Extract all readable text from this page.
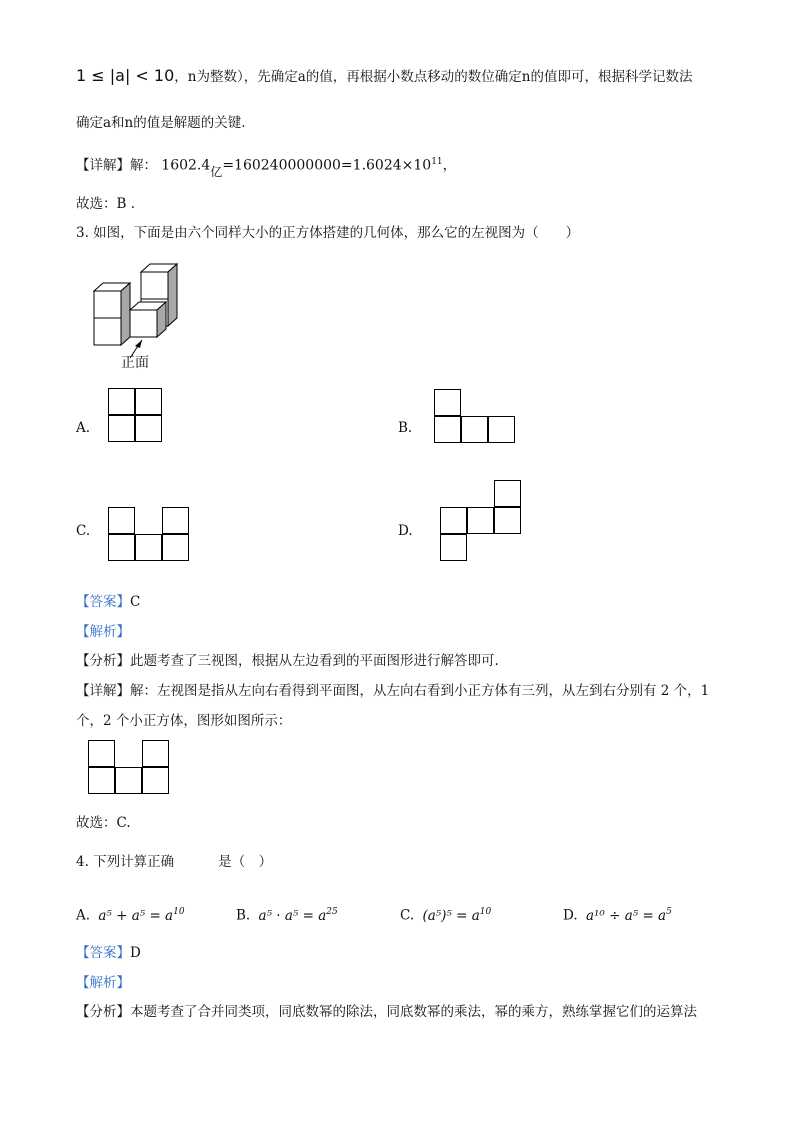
1 ≤ |a| < 10，n为整数），先确定a的值，再根据小数点移动的数位确定n的值即可，根据科学记数法
确定a和n的值是解题的关键.
【详解】解： 1602.4亿$=160240000000=1.6024\times 10^{11}$，
故选：B .
3. 如图，下面是由六个同样大小的正方体搭建的几何体，那么它的左视图为（　　）
正面
A.	B.
C.	D.
【答案】C
【解析】
【分析】此题考查了三视图，根据从左边看到的平面图形进行解答即可.
【详解】解：左视图是指从左向右看得到平面图，从左向右看到小正方体有三列，从左到右分别有 2 个，1
个，2 个小正方体，图形如图所示：
故选：C.
4. 下列计算正确	是（　）
A. $a^5 + a^5 = a^{10}$	B. $a^5 \cdot a^5 = a^{25}$	C. $(a^5)^5 = a^{10}$	D. $a^{10} \div a^5 = a^5$
【答案】D
【解析】
【分析】本题考查了合并同类项，同底数幂的除法，同底数幂的乘法，幂的乘方，熟练掌握它们的运算法
